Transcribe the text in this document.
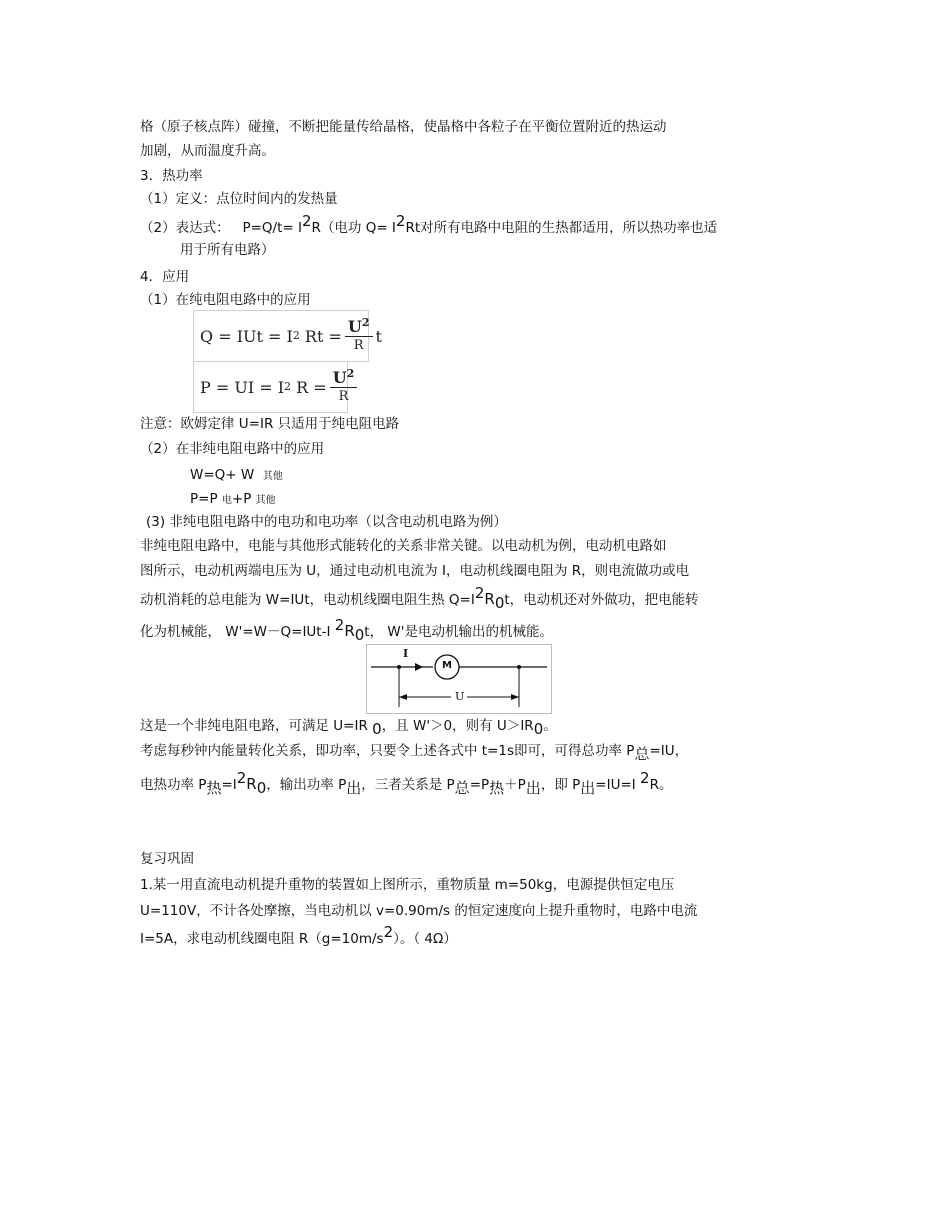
格（原子核点阵）碰撞，不断把能量传给晶格，使晶格中各粒子在平衡位置附近的热运动
加剧，从而温度升高。
3．热功率
（1）定义：点位时间内的发热量
（2）表达式： $P=Q/t= I^2R$（电功 $Q= I^2Rt$对所有电路中电阻的生热都适用，所以热功率也适
用于所有电路）
4．应用
（1）在纯电阻电路中的应用
Q = IUt = I 2
$Rt = \frac{U^2}{R}$ t
P = UI = I 2
$R = \frac{U^2}{R}$
注意：欧姆定律 U=IR 只适用于纯电阻电路
（2）在非纯电阻电路中的应用
W=Q+ W 其他
P=P 电+P 其他
(3) 非纯电阻电路中的电功和电功率（以含电动机电路为例）
非纯电阻电路中，电能与其他形式能转化的关系非常关键。以电动机为例，电动机电路如
图所示，电动机两端电压为 U，通过电动机电流为 I，电动机线圈电阻为 R，则电流做功或电
动机消耗的总电能为 W=IUt，电动机线圈电阻生热 $Q=I^2R_0t$，电动机还对外做功，把电能转
化为机械能， W'=W－Q=IUt-I $^2R_0t$， W'是电动机输出的机械能。
I
M
U
这是一个非纯电阻电路，可满足 U=IR $_0$，且 W'＞0，则有 $U>IR_0$。
考虑每秒钟内能量转化关系，即功率，只要令上述各式中 t=1s即可，可得总功率 $P_总=IU$，
电热功率 $P_热=I^2R_0$，输出功率 $P_出$，三者关系是 $P_总=P_热+P_出$，即 $P_出=IU=I$ $^2$R。
复习巩固
1.某一用直流电动机提升重物的装置如上图所示，重物质量 m=50kg，电源提供恒定电压
U=110V，不计各处摩擦，当电动机以 v=0.90m/s 的恒定速度向上提升重物时，电路中电流
I=5A，求电动机线圈电阻 $R(g=10m/s^2)$。（ 4Ω）
